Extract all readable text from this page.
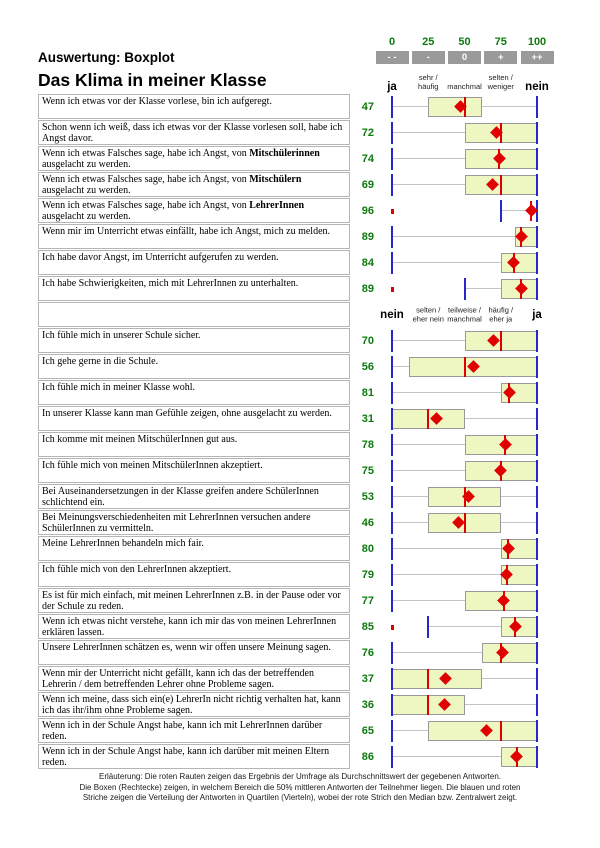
Auswertung: Boxplot
Das Klima in meiner Klasse
0 25 50 75 100
- -	-	0	+	++
ja
sehr /
häufig manchmal
selten /
weniger nein
Wenn ich etwas vor der Klasse vorlese, bin ich aufgeregt.	47
Schon wenn ich weiß, dass ich etwas vor der Klasse vorlesen soll, habe ich Angst davor.	72
Wenn ich etwas Falsches sage, habe ich Angst, von Mitschülerinnen ausgelacht zu werden.	74
Wenn ich etwas Falsches sage, habe ich Angst, von Mitschülern ausgelacht zu werden.	69
Wenn ich etwas Falsches sage, habe ich Angst, von LehrerInnen ausgelacht zu werden.	96
Wenn mir im Unterricht etwas einfällt, habe ich Angst, mich zu melden.	89
Ich habe davor Angst, im Unterricht aufgerufen zu werden.	84
Ich habe Schwierigkeiten, mich mit LehrerInnen zu unterhalten.	89
nein	selten /
eher nein
teilweise /
manchmal
häufig /
eher ja ja
Ich fühle mich in unserer Schule sicher.	70
Ich gehe gerne in die Schule.	56
Ich fühle mich in meiner Klasse wohl.	81
In unserer Klasse kann man Gefühle zeigen, ohne ausgelacht zu werden.	31
Ich komme mit meinen MitschülerInnen gut aus.	78
Ich fühle mich von meinen MitschülerInnen akzeptiert.	75
Bei Auseinandersetzungen in der Klasse greifen andere SchülerInnen schlichtend ein.	53
Bei Meinungsverschiedenheiten mit LehrerInnen versuchen andere SchülerInnen zu vermitteln.	46
Meine LehrerInnen behandeln mich fair.	80
Ich fühle mich von den LehrerInnen akzeptiert.	79
Es ist für mich einfach, mit meinen LehrerInnen z.B. in der Pause oder vor der Schule zu reden.	77
Wenn ich etwas nicht verstehe, kann ich mir das von meinen LehrerInnen erklären lassen.	85
Unsere LehrerInnen schätzen es, wenn wir offen unsere Meinung sagen.	76
Wenn mir der Unterricht nicht gefällt, kann ich das der betreffenden Lehrerin / dem betreffenden Lehrer ohne Probleme sagen.	37
Wenn ich meine, dass sich ein(e) LehrerIn nicht richtig verhalten hat, kann ich das ihr/ihm ohne Probleme sagen.	36
Wenn ich in der Schule Angst habe, kann ich mit LehrerInnen darüber reden.	65
Wenn ich in der Schule Angst habe, kann ich darüber mit meinen Eltern reden.	86
Erläuterung: Die roten Rauten zeigen das Ergebnis der Umfrage als Durchschnittswert der gegebenen Antworten.
Die Boxen (Rechtecke) zeigen, in welchem Bereich die 50% mittleren Antworten der Teilnehmer liegen. Die blauen und roten
Striche zeigen die Verteilung der Antworten in Quartilen (Vierteln), wobei der rote Strich den Median bzw. Zentralwert zeigt.
